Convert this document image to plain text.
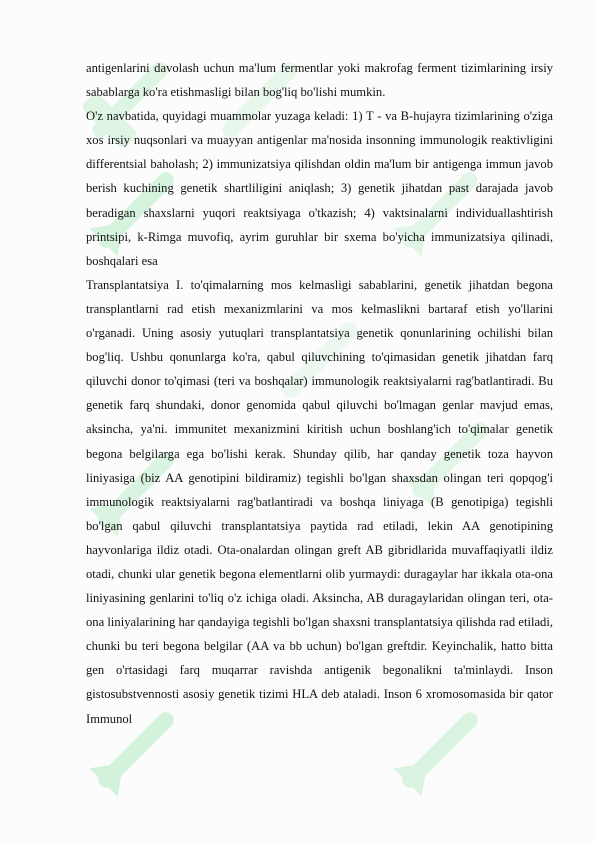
antigenlarini davolash uchun ma'lum fermentlar yoki makrofag ferment tizimlarining irsiy sabablarga ko'ra etishmasligi bilan bog'liq bo'lishi mumkin.

O'z navbatida, quyidagi muammolar yuzaga keladi: 1) T - va B-hujayra tizimlarining o'ziga xos irsiy nuqsonlari va muayyan antigenlar ma'nosida insonning immunologik reaktivligini differentsial baholash; 2) immunizatsiya qilishdan oldin ma'lum bir antigenga immun javob berish kuchining genetik shartliligini aniqlash; 3) genetik jihatdan past darajada javob beradigan shaxslarni yuqori reaktsiyaga o'tkazish; 4) vaktsinalarni individuallashtirish printsipi, k-Rimga muvofiq, ayrim guruhlar bir sxema bo'yicha immunizatsiya qilinadi, boshqalari esa

Transplantatsiya I. to'qimalarning mos kelmasligi sabablarini, genetik jihatdan begona transplantlarni rad etish mexanizmlarini va mos kelmaslikni bartaraf etish yo'llarini o'rganadi. Uning asosiy yutuqlari transplantatsiya genetik qonunlarining ochilishi bilan bog'liq. Ushbu qonunlarga ko'ra, qabul qiluvchining to'qimasidan genetik jihatdan farq qiluvchi donor to'qimasi (teri va boshqalar) immunologik reaktsiyalarni rag'batlantiradi. Bu genetik farq shundaki, donor genomida qabul qiluvchi bo'lmagan genlar mavjud emas, aksincha, ya'ni. immunitet mexanizmini kiritish uchun boshlang'ich to'qimalar genetik begona belgilarga ega bo'lishi kerak. Shunday qilib, har qanday genetik toza hayvon liniyasiga (biz AA genotipini bildiramiz) tegishli bo'lgan shaxsdan olingan teri qopqog'i immunologik reaktsiyalarni rag'batlantiradi va boshqa liniyaga (B genotipiga) tegishli bo'lgan qabul qiluvchi transplantatsiya paytida rad etiladi, lekin AA genotipining hayvonlariga ildiz otadi. Ota-onalardan olingan greft AB gibridlarida muvaffaqiyatli ildiz otadi, chunki ular genetik begona elementlarni olib yurmaydi: duragaylar har ikkala ota-ona liniyasining genlarini to'liq o'z ichiga oladi. Aksincha, AB duragaylaridan olingan teri, ota-ona liniyalarining har qandayiga tegishli bo'lgan shaxsni transplantatsiya qilishda rad etiladi, chunki bu teri begona belgilar (AA va bb uchun) bo'lgan greftdir. Keyinchalik, hatto bitta gen o'rtasidagi farq muqarrar ravishda antigenik begonalikni ta'minlaydi. Inson gistosubstvennosti asosiy genetik tizimi HLA deb ataladi. Inson 6 xromosomasida bir qator Immunol
